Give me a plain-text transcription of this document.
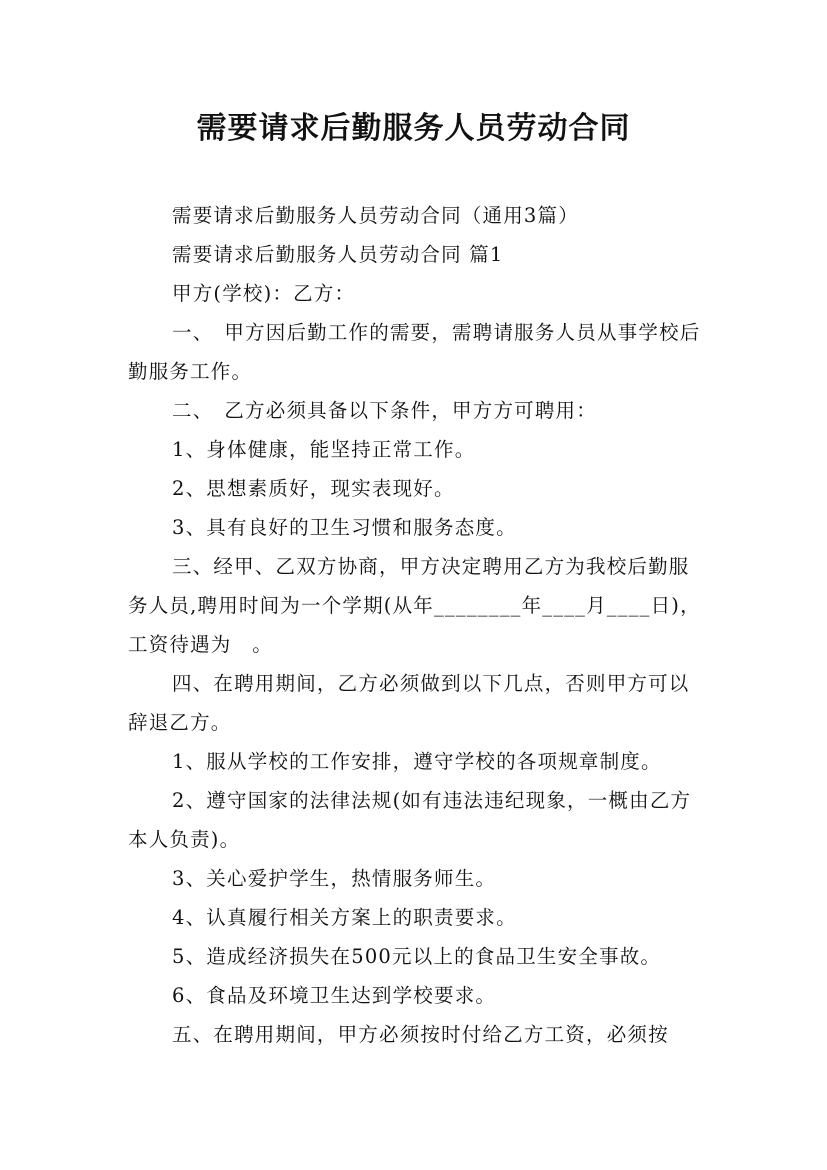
需要请求后勤服务人员劳动合同

需要请求后勤服务人员劳动合同（通用3篇）

需要请求后勤服务人员劳动合同 篇1

甲方(学校)：乙方：

一、　甲方因后勤工作的需要，需聘请服务人员从事学校后勤服务工作。

二、　乙方必须具备以下条件，甲方方可聘用：

1、身体健康，能坚持正常工作。

2、思想素质好，现实表现好。

3、具有良好的卫生习惯和服务态度。

三、经甲、乙双方协商，甲方决定聘用乙方为我校后勤服务人员,聘用时间为一个学期(从年________年____月____日)，工资待遇为　。

四、在聘用期间，乙方必须做到以下几点，否则甲方可以辞退乙方。

1、服从学校的工作安排，遵守学校的各项规章制度。

2、遵守国家的法律法规(如有违法违纪现象，一概由乙方本人负责)。

3、关心爱护学生，热情服务师生。

4、认真履行相关方案上的职责要求。

5、造成经济损失在500元以上的食品卫生安全事故。

6、食品及环境卫生达到学校要求。

五、在聘用期间，甲方必须按时付给乙方工资，必须按
